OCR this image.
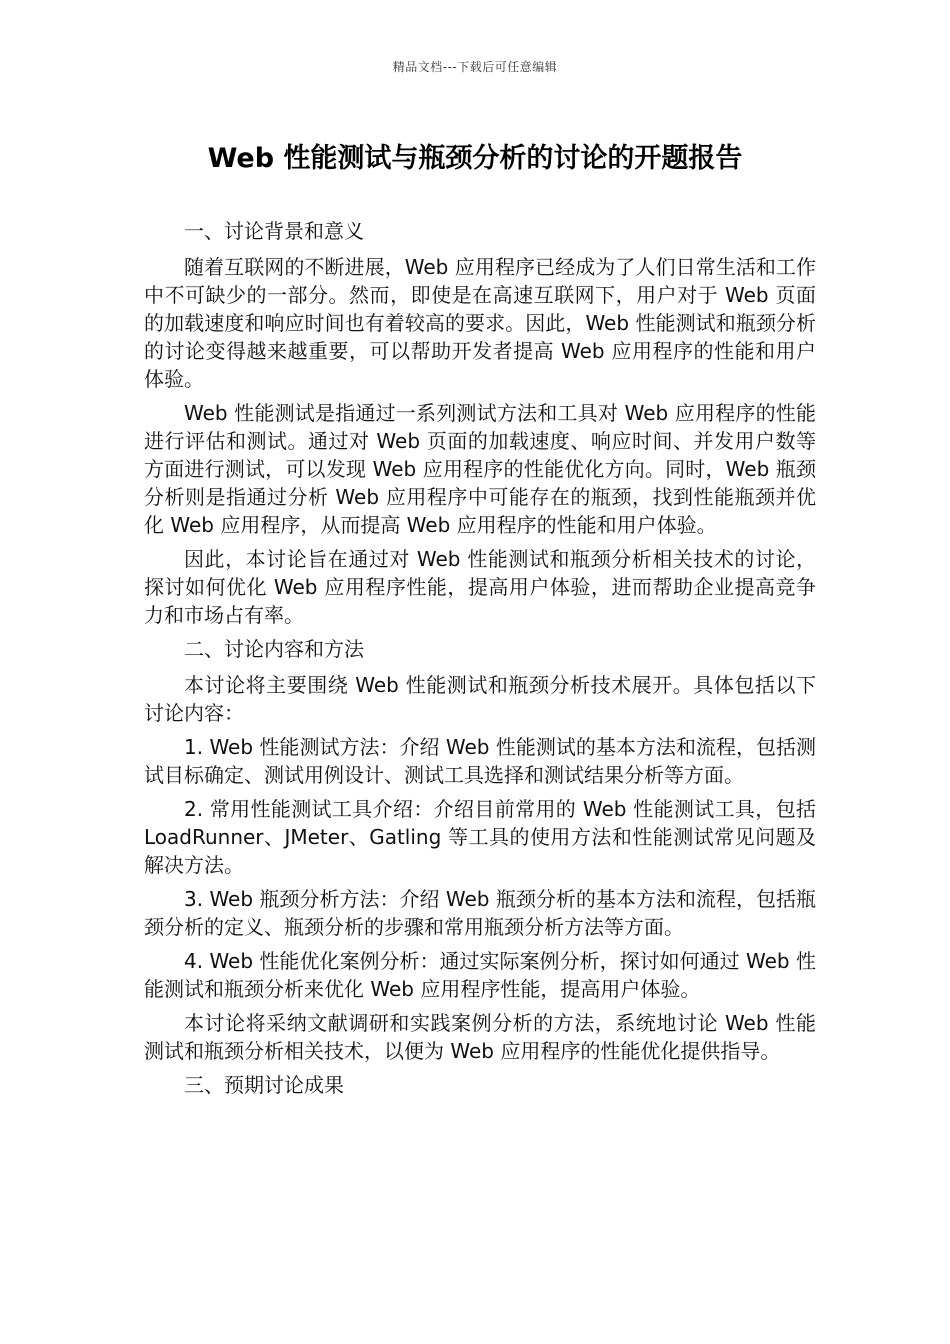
精品文档---下载后可任意编辑
Web 性能测试与瓶颈分析的讨论的开题报告

一、讨论背景和意义

随着互联网的不断进展，Web 应用程序已经成为了人们日常生活和工作中不可缺少的一部分。然而，即使是在高速互联网下，用户对于 Web 页面的加载速度和响应时间也有着较高的要求。因此，Web 性能测试和瓶颈分析的讨论变得越来越重要，可以帮助开发者提高 Web 应用程序的性能和用户体验。

Web 性能测试是指通过一系列测试方法和工具对 Web 应用程序的性能进行评估和测试。通过对 Web 页面的加载速度、响应时间、并发用户数等方面进行测试，可以发现 Web 应用程序的性能优化方向。同时，Web 瓶颈分析则是指通过分析 Web 应用程序中可能存在的瓶颈，找到性能瓶颈并优化 Web 应用程序，从而提高 Web 应用程序的性能和用户体验。

因此，本讨论旨在通过对 Web 性能测试和瓶颈分析相关技术的讨论，探讨如何优化 Web 应用程序性能，提高用户体验，进而帮助企业提高竞争力和市场占有率。

二、讨论内容和方法

本讨论将主要围绕 Web 性能测试和瓶颈分析技术展开。具体包括以下讨论内容：

1. Web 性能测试方法：介绍 Web 性能测试的基本方法和流程，包括测试目标确定、测试用例设计、测试工具选择和测试结果分析等方面。

2. 常用性能测试工具介绍：介绍目前常用的 Web 性能测试工具，包括 LoadRunner、JMeter、Gatling 等工具的使用方法和性能测试常见问题及解决方法。

3. Web 瓶颈分析方法：介绍 Web 瓶颈分析的基本方法和流程，包括瓶颈分析的定义、瓶颈分析的步骤和常用瓶颈分析方法等方面。

4. Web 性能优化案例分析：通过实际案例分析，探讨如何通过 Web 性能测试和瓶颈分析来优化 Web 应用程序性能，提高用户体验。

本讨论将采纳文献调研和实践案例分析的方法，系统地讨论 Web 性能测试和瓶颈分析相关技术，以便为 Web 应用程序的性能优化提供指导。

三、预期讨论成果
